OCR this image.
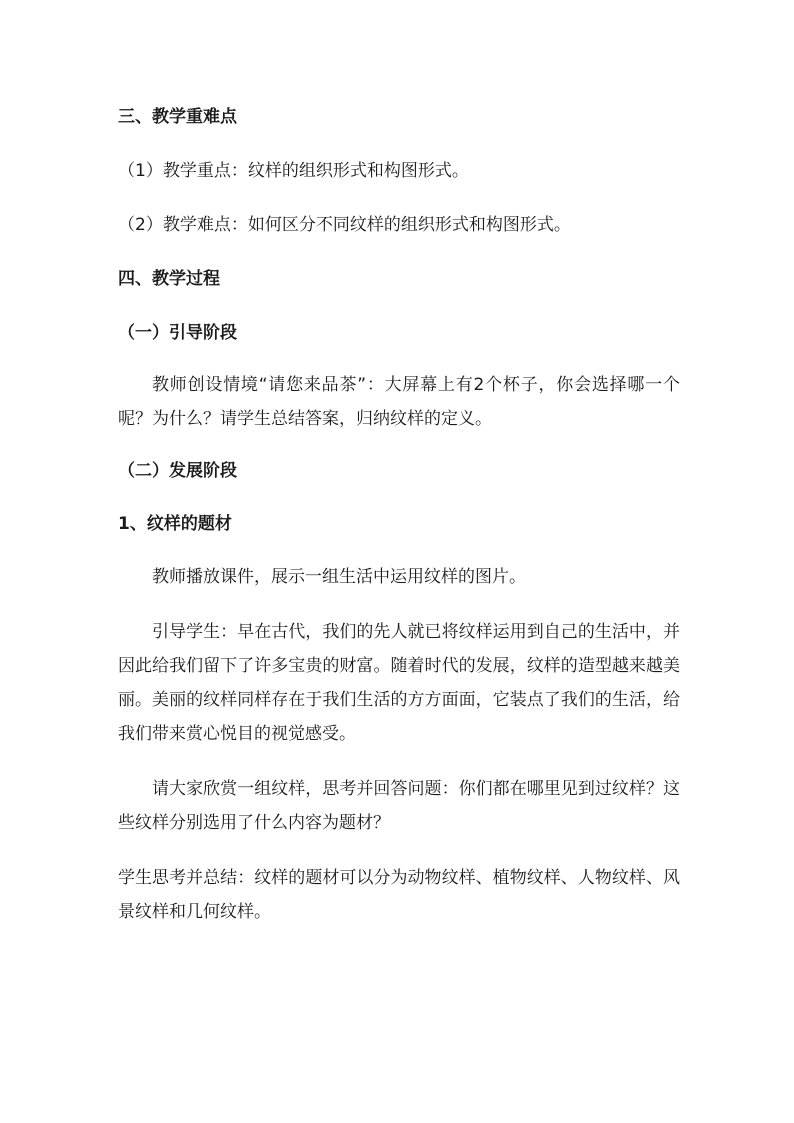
三、教学重难点

（1）教学重点：纹样的组织形式和构图形式。

（2）教学难点：如何区分不同纹样的组织形式和构图形式。

四、教学过程

（一）引导阶段

教师创设情境“请您来品茶”：大屏幕上有2个杯子，你会选择哪一个呢？为什么？请学生总结答案，归纳纹样的定义。

（二）发展阶段

1、纹样的题材

教师播放课件，展示一组生活中运用纹样的图片。

引导学生：早在古代，我们的先人就已将纹样运用到自己的生活中，并因此给我们留下了许多宝贵的财富。随着时代的发展，纹样的造型越来越美丽。美丽的纹样同样存在于我们生活的方方面面，它装点了我们的生活，给我们带来赏心悦目的视觉感受。

请大家欣赏一组纹样，思考并回答问题：你们都在哪里见到过纹样？这些纹样分别选用了什么内容为题材？

学生思考并总结：纹样的题材可以分为动物纹样、植物纹样、人物纹样、风景纹样和几何纹样。
